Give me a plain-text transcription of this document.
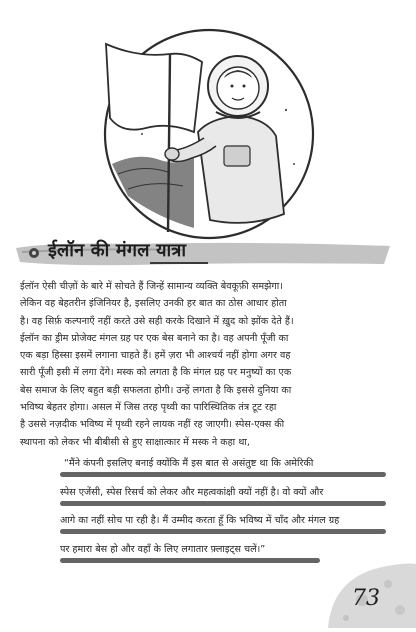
ईलॉन की मंगल यात्रा
ईलॉन ऐसी चीज़ों के बारे में सोचते हैं जिन्हें सामान्य व्यक्ति बेवकूफ़ी समझेगा।
लेकिन वह बेहतरीन इंजिनियर है, इसलिए उनकी हर बात का ठोस आधार होता
है। वह सिर्फ़ कल्पनाएँ नहीं करते उसे सही करके दिखाने में ख़ुद को झोंक देते हैं।
ईलॉन का ड्रीम प्रोजेक्ट मंगल ग्रह पर एक बेस बनाने का है। वह अपनी पूँजी का
एक बड़ा हिस्सा इसमें लगाना चाहते हैं। हमें ज़रा भी आश्चर्य नहीं होगा अगर वह
सारी पूँजी इसी में लगा देंगे। मस्क को लगता है कि मंगल ग्रह पर मनुष्यों का एक
बेस समाज के लिए बहुत बड़ी सफलता होगी। उन्हें लगता है कि इससे दुनिया का
भविष्य बेहतर होगा। असल में जिस तरह पृथ्वी का पारिस्थितिक तंत्र टूट रहा
है उससे नज़दीक भविष्य में पृथ्वी रहने लायक नहीं रह जाएगी। स्पेस-एक्स की
स्थापना को लेकर भी बीबीसी से हुए साक्षात्कार में मस्क ने कहा था,
“मैंने कंपनी इसलिए बनाई क्योंकि मैं इस बात से असंतुष्ट था कि अमेरिकी
स्पेस एजेंसी, स्पेस रिसर्च को लेकर और महत्वकांक्षी क्यों नहीं है। वो क्यों और
आगे का नहीं सोच पा रही है। मैं उम्मीद करता हूँ कि भविष्य में चाँद और मंगल ग्रह
पर हमारा बेस हो और वहाँ के लिए लगातार फ़्लाइट्स चलें।”
73
